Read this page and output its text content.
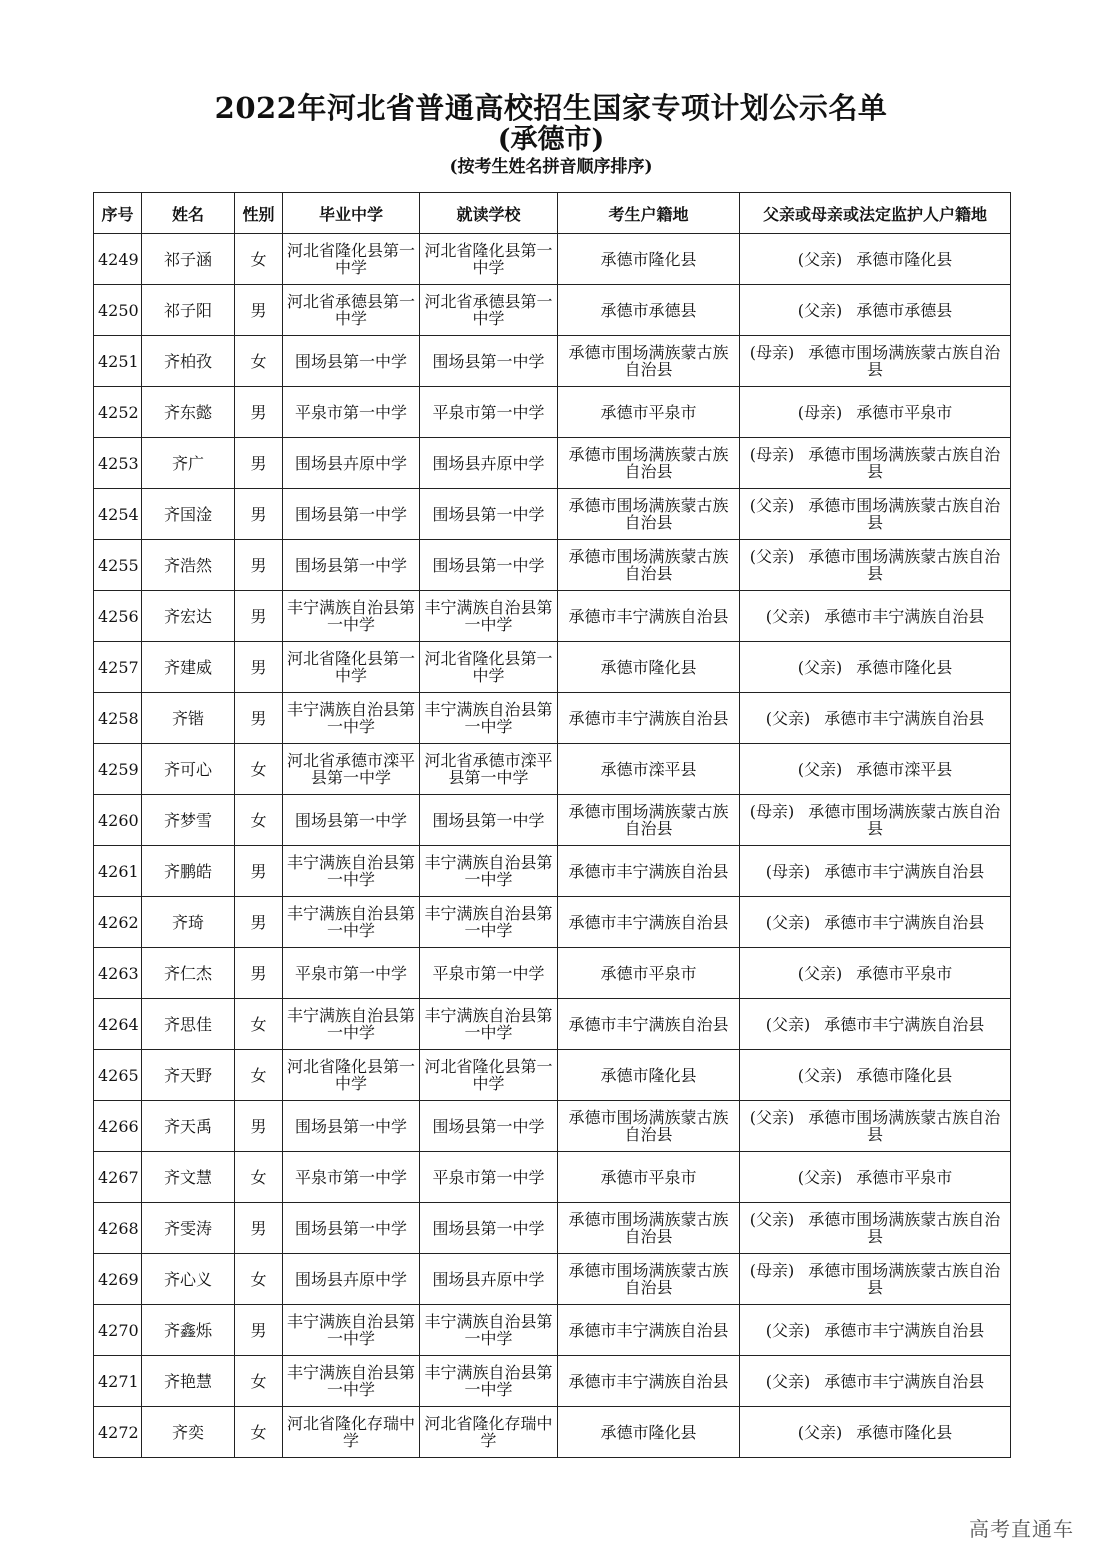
2022年河北省普通高校招生国家专项计划公示名单
(承德市)
(按考生姓名拼音顺序排序)
序号	姓名	性别	毕业中学	就读学校	考生户籍地	父亲或母亲或法定监护人户籍地
4249	祁子涵	女	河北省隆化县第一中学	河北省隆化县第一中学	承德市隆化县	(父亲) 承德市隆化县
4250	祁子阳	男	河北省承德县第一中学	河北省承德县第一中学	承德市承德县	(父亲) 承德市承德县
4251	齐柏孜	女	围场县第一中学	围场县第一中学	承德市围场满族蒙古族自治县	(母亲) 承德市围场满族蒙古族自治县
4252	齐东懿	男	平泉市第一中学	平泉市第一中学	承德市平泉市	(母亲) 承德市平泉市
4253	齐广	男	围场县卉原中学	围场县卉原中学	承德市围场满族蒙古族自治县	(母亲) 承德市围场满族蒙古族自治县
4254	齐国淦	男	围场县第一中学	围场县第一中学	承德市围场满族蒙古族自治县	(父亲) 承德市围场满族蒙古族自治县
4255	齐浩然	男	围场县第一中学	围场县第一中学	承德市围场满族蒙古族自治县	(父亲) 承德市围场满族蒙古族自治县
4256	齐宏达	男	丰宁满族自治县第一中学	丰宁满族自治县第一中学	承德市丰宁满族自治县	(父亲) 承德市丰宁满族自治县
4257	齐建威	男	河北省隆化县第一中学	河北省隆化县第一中学	承德市隆化县	(父亲) 承德市隆化县
4258	齐锴	男	丰宁满族自治县第一中学	丰宁满族自治县第一中学	承德市丰宁满族自治县	(父亲) 承德市丰宁满族自治县
4259	齐可心	女	河北省承德市滦平县第一中学	河北省承德市滦平县第一中学	承德市滦平县	(父亲) 承德市滦平县
4260	齐梦雪	女	围场县第一中学	围场县第一中学	承德市围场满族蒙古族自治县	(母亲) 承德市围场满族蒙古族自治县
4261	齐鹏皓	男	丰宁满族自治县第一中学	丰宁满族自治县第一中学	承德市丰宁满族自治县	(母亲) 承德市丰宁满族自治县
4262	齐琦	男	丰宁满族自治县第一中学	丰宁满族自治县第一中学	承德市丰宁满族自治县	(父亲) 承德市丰宁满族自治县
4263	齐仁杰	男	平泉市第一中学	平泉市第一中学	承德市平泉市	(父亲) 承德市平泉市
4264	齐思佳	女	丰宁满族自治县第一中学	丰宁满族自治县第一中学	承德市丰宁满族自治县	(父亲) 承德市丰宁满族自治县
4265	齐天野	女	河北省隆化县第一中学	河北省隆化县第一中学	承德市隆化县	(父亲) 承德市隆化县
4266	齐天禹	男	围场县第一中学	围场县第一中学	承德市围场满族蒙古族自治县	(父亲) 承德市围场满族蒙古族自治县
4267	齐文慧	女	平泉市第一中学	平泉市第一中学	承德市平泉市	(父亲) 承德市平泉市
4268	齐雯涛	男	围场县第一中学	围场县第一中学	承德市围场满族蒙古族自治县	(父亲) 承德市围场满族蒙古族自治县
4269	齐心义	女	围场县卉原中学	围场县卉原中学	承德市围场满族蒙古族自治县	(母亲) 承德市围场满族蒙古族自治县
4270	齐鑫烁	男	丰宁满族自治县第一中学	丰宁满族自治县第一中学	承德市丰宁满族自治县	(父亲) 承德市丰宁满族自治县
4271	齐艳慧	女	丰宁满族自治县第一中学	丰宁满族自治县第一中学	承德市丰宁满族自治县	(父亲) 承德市丰宁满族自治县
4272	齐奕	女	河北省隆化存瑞中学	河北省隆化存瑞中学	承德市隆化县	(父亲) 承德市隆化县
高考直通车
